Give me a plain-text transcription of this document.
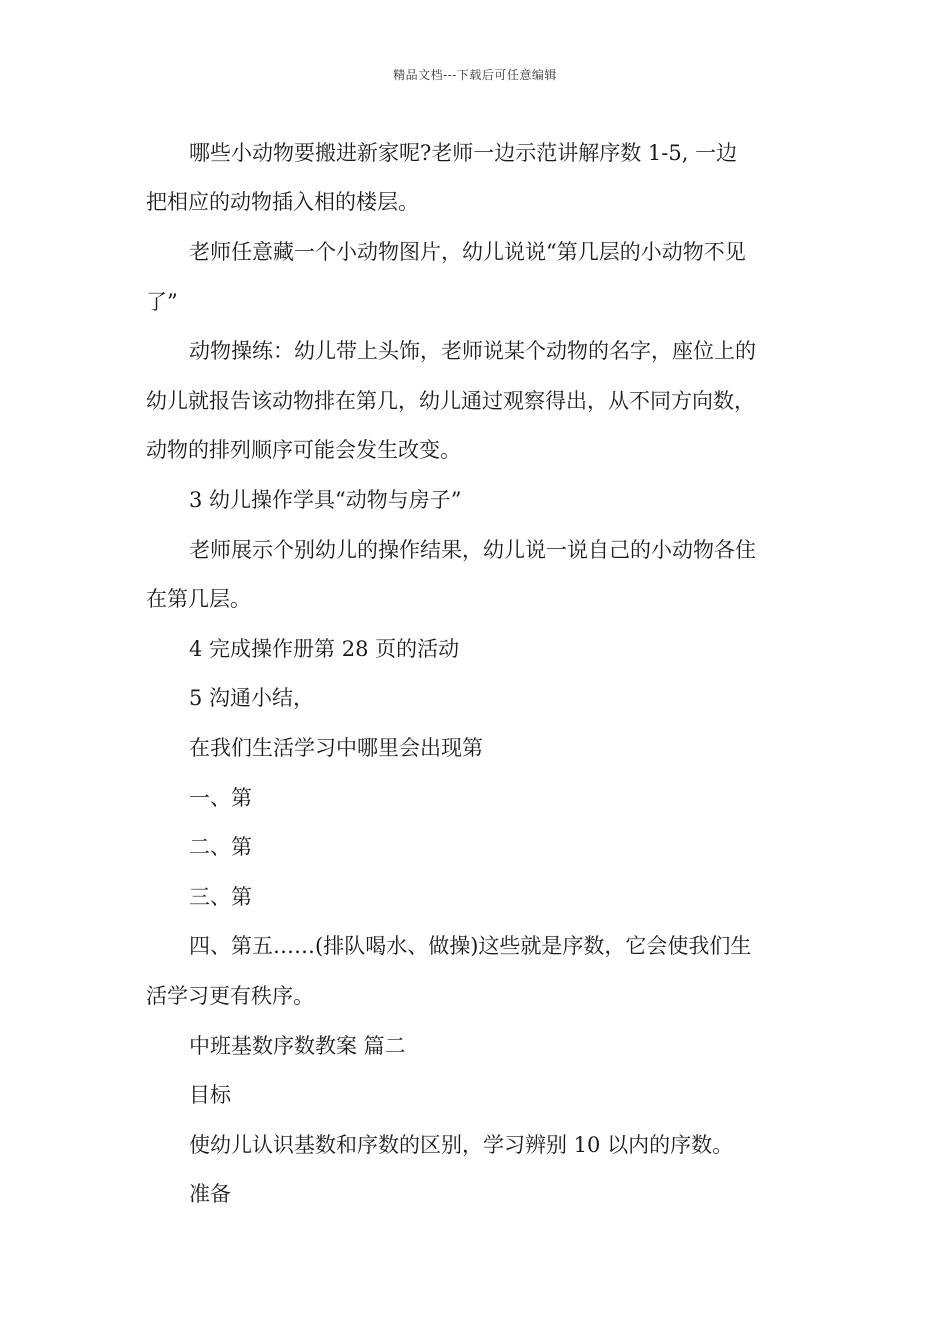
精品文档---下载后可任意编辑
哪些小动物要搬进新家呢?老师一边示范讲解序数 1-5, 一边
把相应的动物插入相的楼层。
老师任意藏一个小动物图片，幼儿说说“第几层的小动物不见
了”
动物操练：幼儿带上头饰，老师说某个动物的名字，座位上的
幼儿就报告该动物排在第几，幼儿通过观察得出，从不同方向数，
动物的排列顺序可能会发生改变。
3 幼儿操作学具“动物与房子”
老师展示个别幼儿的操作结果，幼儿说一说自己的小动物各住
在第几层。
4 完成操作册第 28 页的活动
5 沟通小结，
在我们生活学习中哪里会出现第
一、第
二、第
三、第
四、第五……(排队喝水、做操)这些就是序数，它会使我们生
活学习更有秩序。
中班基数序数教案 篇二
目标
使幼儿认识基数和序数的区别，学习辨别 10 以内的序数。
准备
